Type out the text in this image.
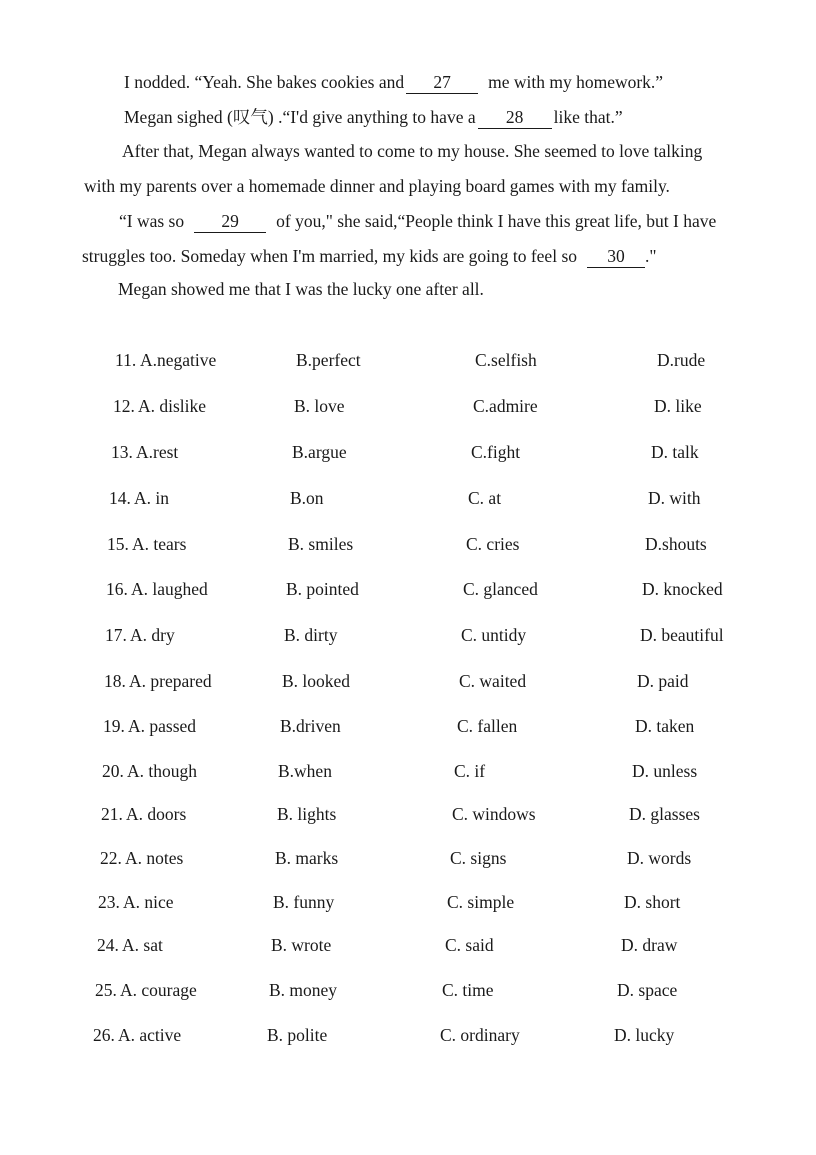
I nodded. “Yeah. She bakes cookies and 27 me with my homework.”

Megan sighed (叹气) .“I'd give anything to have a 28 like that.”

After that, Megan always wanted to come to my house. She seemed to love talking

with my parents over a homemade dinner and playing board games with my family.

“I was so 29 of you," she said,“People think I have this great life, but I have

struggles too. Someday when I'm married, my kids are going to feel so 30 ."

Megan showed me that I was the lucky one after all.

11. A.negative	B.perfect	C.selfish	D.rude
12. A. dislike	B. love	C.admire	D. like
13. A.rest	B.argue	C.fight	D. talk
14. A. in	B.on	C. at	D. with
15. A. tears	B. smiles	C. cries	D.shouts
16. A. laughed	B. pointed	C. glanced	D. knocked
17. A. dry	B. dirty	C. untidy	D. beautiful
18. A. prepared	B. looked	C. waited	D. paid
19. A. passed	B.driven	C. fallen	D. taken
20. A. though	B.when	C. if	D. unless
21. A. doors	B. lights	C. windows	D. glasses
22. A. notes	B. marks	C. signs	D. words
23. A. nice	B. funny	C. simple	D. short
24. A. sat	B. wrote	C. said	D. draw
25. A. courage	B. money	C. time	D. space
26. A. active	B. polite	C. ordinary	D. lucky
